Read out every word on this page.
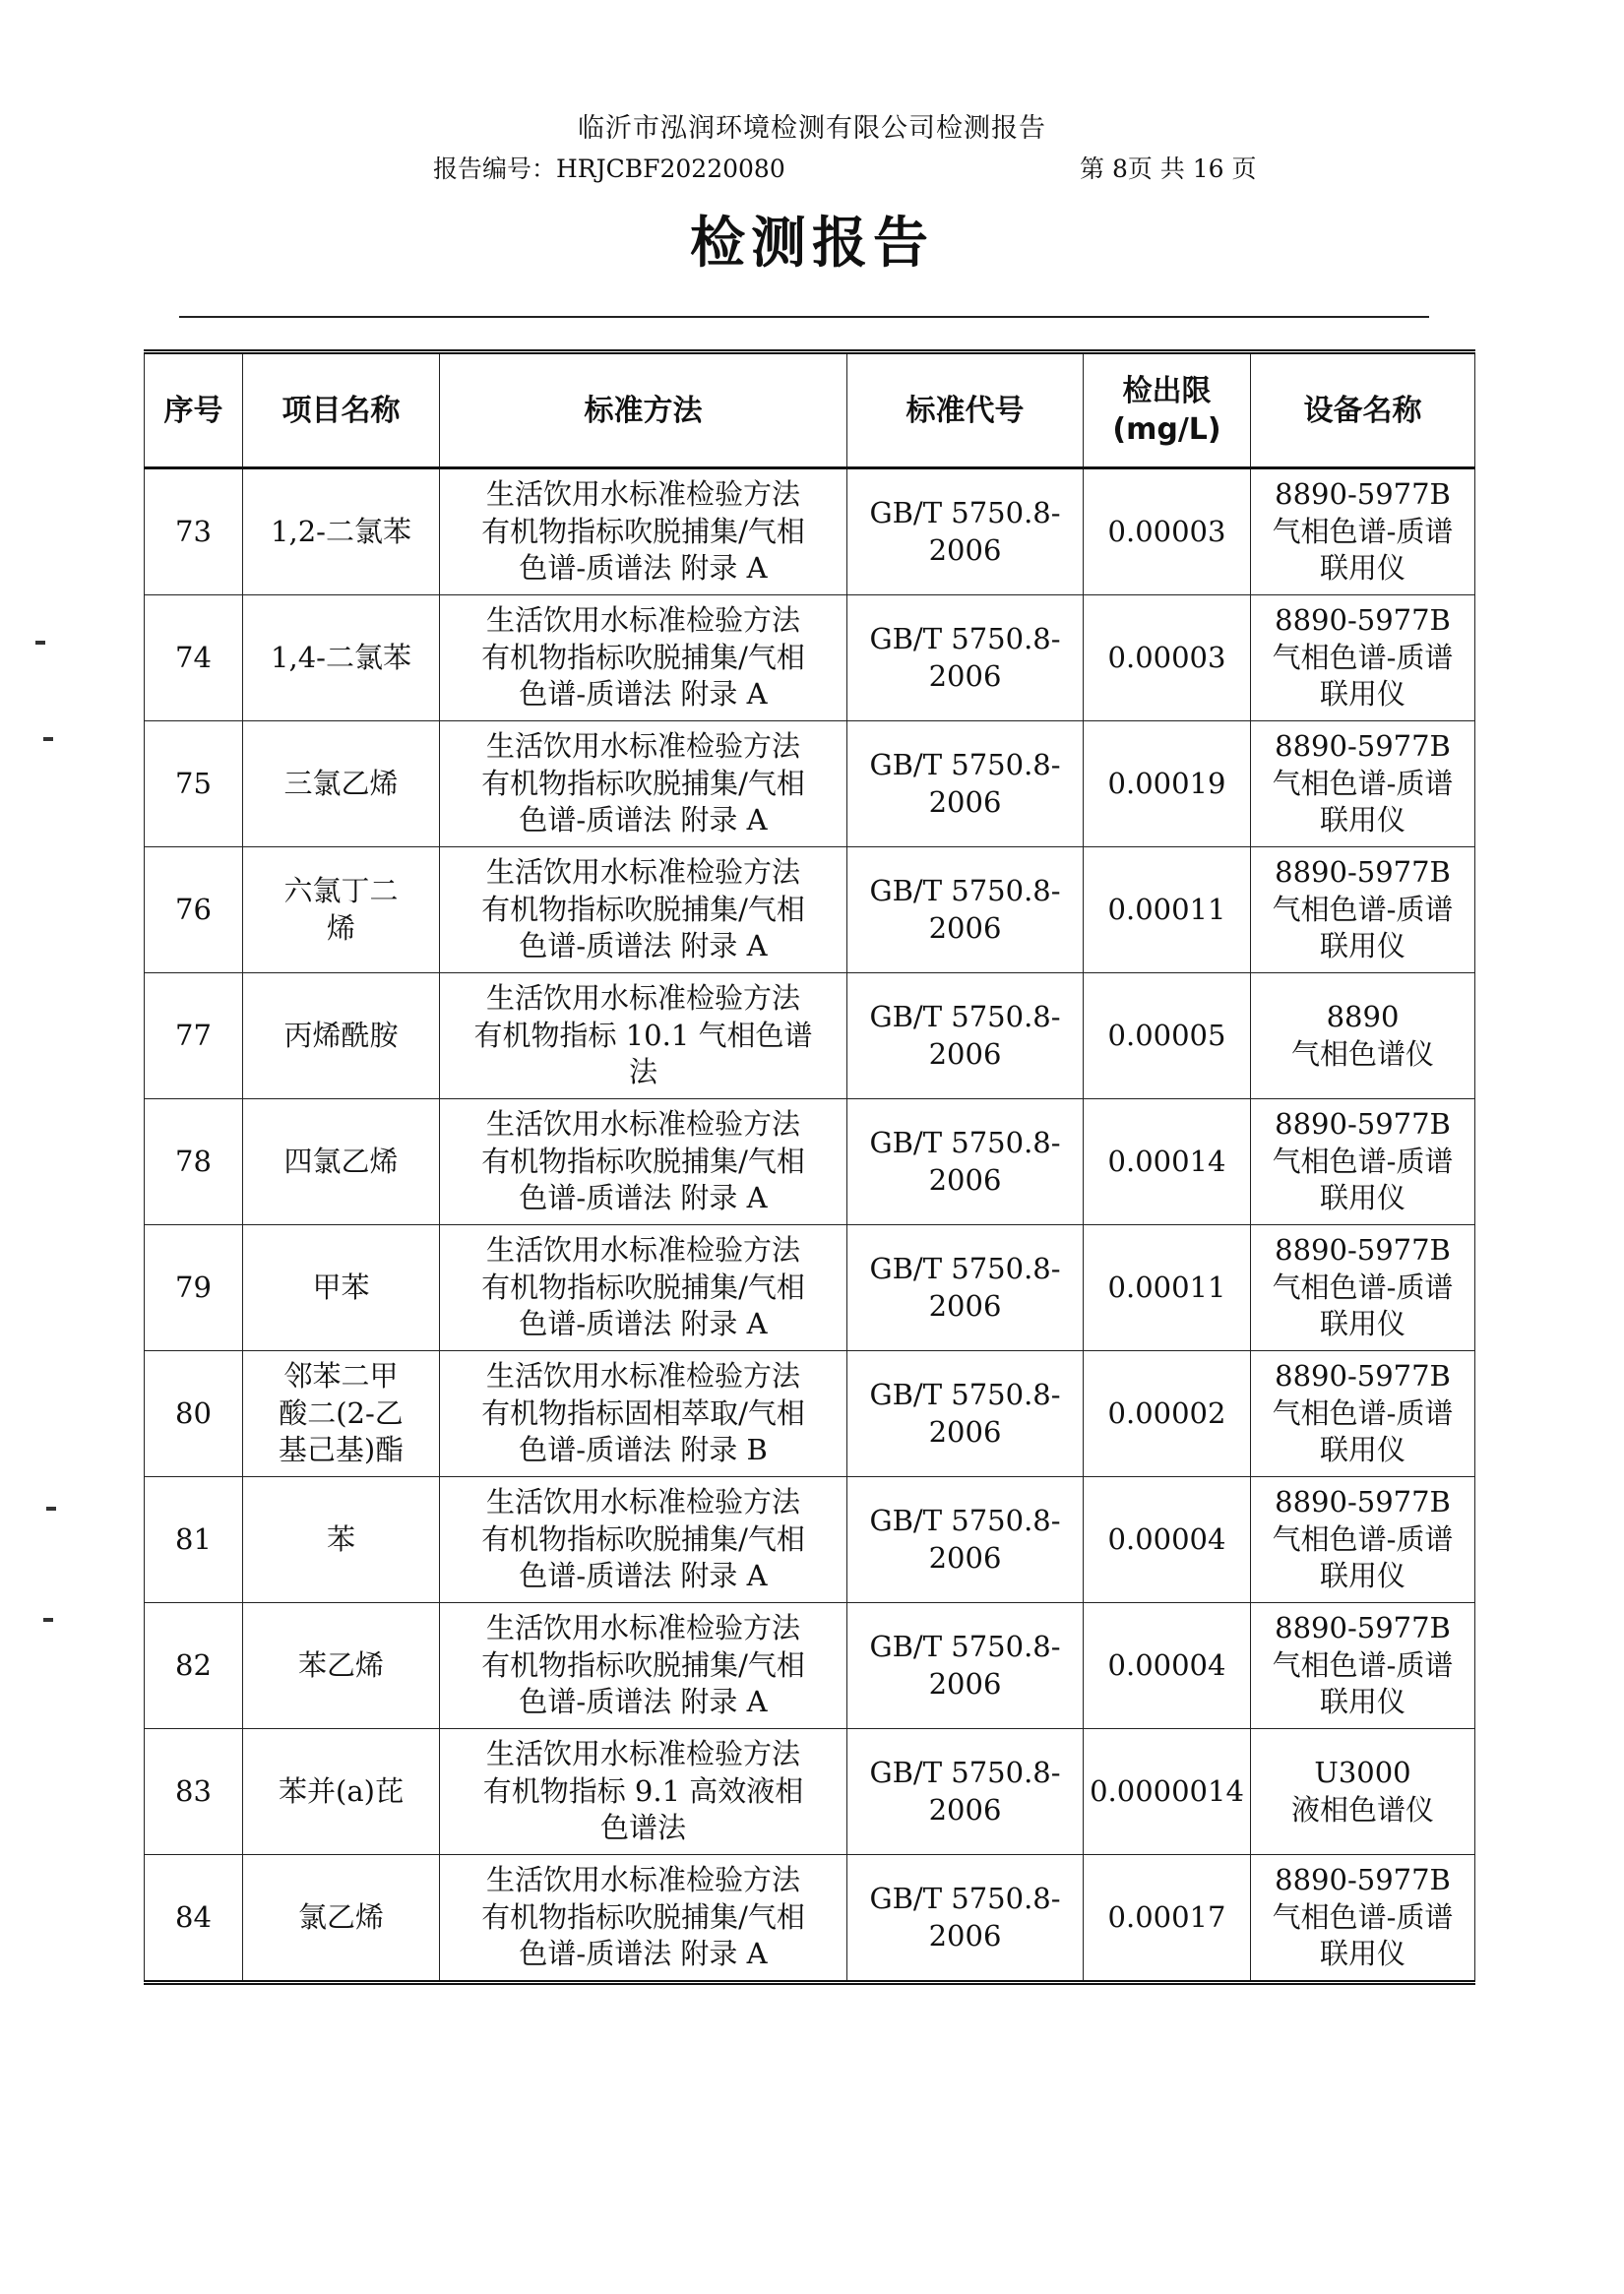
临沂市泓润环境检测有限公司检测报告
报告编号：HRJCBF20220080	第 8页 共 16 页
检测报告
序号	项目名称	标准方法	标准代号	检出限
(mg/L)	设备名称
73	1,2-二氯苯	生活饮用水标准检验方法
有机物指标吹脱捕集/气相
色谱-质谱法 附录 A	GB/T 5750.8-
2006	0.00003	8890-5977B
气相色谱-质谱
联用仪
74	1,4-二氯苯	生活饮用水标准检验方法
有机物指标吹脱捕集/气相
色谱-质谱法 附录 A	GB/T 5750.8-
2006	0.00003	8890-5977B
气相色谱-质谱
联用仪
75	三氯乙烯	生活饮用水标准检验方法
有机物指标吹脱捕集/气相
色谱-质谱法 附录 A	GB/T 5750.8-
2006	0.00019	8890-5977B
气相色谱-质谱
联用仪
76	六氯丁二
烯	生活饮用水标准检验方法
有机物指标吹脱捕集/气相
色谱-质谱法 附录 A	GB/T 5750.8-
2006	0.00011	8890-5977B
气相色谱-质谱
联用仪
77	丙烯酰胺	生活饮用水标准检验方法
有机物指标 10.1 气相色谱
法	GB/T 5750.8-
2006	0.00005	8890
气相色谱仪
78	四氯乙烯	生活饮用水标准检验方法
有机物指标吹脱捕集/气相
色谱-质谱法 附录 A	GB/T 5750.8-
2006	0.00014	8890-5977B
气相色谱-质谱
联用仪
79	甲苯	生活饮用水标准检验方法
有机物指标吹脱捕集/气相
色谱-质谱法 附录 A	GB/T 5750.8-
2006	0.00011	8890-5977B
气相色谱-质谱
联用仪
80	邻苯二甲
酸二(2-乙
基己基)酯	生活饮用水标准检验方法
有机物指标固相萃取/气相
色谱-质谱法 附录 B	GB/T 5750.8-
2006	0.00002	8890-5977B
气相色谱-质谱
联用仪
81	苯	生活饮用水标准检验方法
有机物指标吹脱捕集/气相
色谱-质谱法 附录 A	GB/T 5750.8-
2006	0.00004	8890-5977B
气相色谱-质谱
联用仪
82	苯乙烯	生活饮用水标准检验方法
有机物指标吹脱捕集/气相
色谱-质谱法 附录 A	GB/T 5750.8-
2006	0.00004	8890-5977B
气相色谱-质谱
联用仪
83	苯并(a)芘	生活饮用水标准检验方法
有机物指标 9.1 高效液相
色谱法	GB/T 5750.8-
2006	0.0000014	U3000
液相色谱仪
84	氯乙烯	生活饮用水标准检验方法
有机物指标吹脱捕集/气相
色谱-质谱法 附录 A	GB/T 5750.8-
2006	0.00017	8890-5977B
气相色谱-质谱
联用仪
